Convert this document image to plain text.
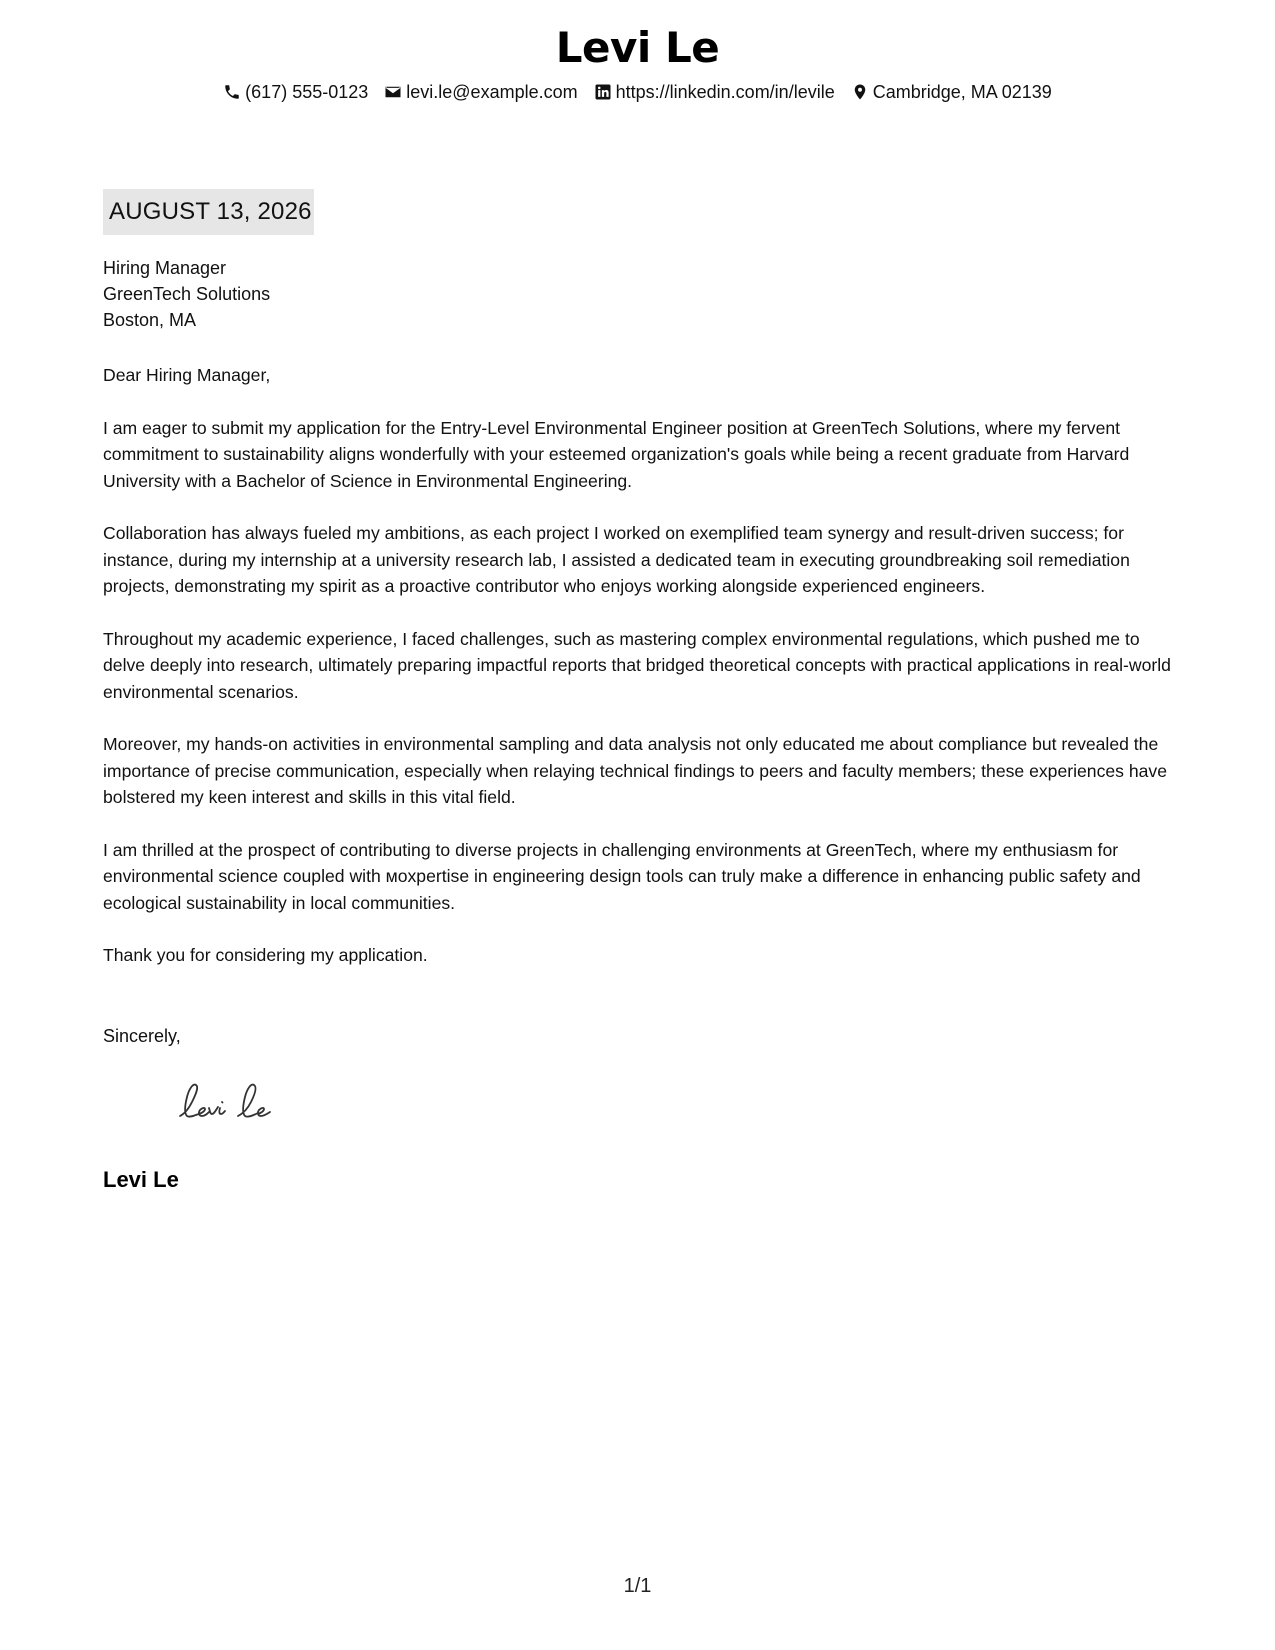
Levi Le
(617) 555-0123 levi.le@example.com https://linkedin.com/in/levile Cambridge, MA 02139
AUGUST 13, 2026
Hiring Manager
GreenTech Solutions
Boston, MA

Dear Hiring Manager,

I am eager to submit my application for the Entry-Level Environmental Engineer position at GreenTech Solutions, where my fervent commitment to sustainability aligns wonderfully with your esteemed organization's goals while being a recent graduate from Harvard University with a Bachelor of Science in Environmental Engineering.

Collaboration has always fueled my ambitions, as each project I worked on exemplified team synergy and result-driven success; for instance, during my internship at a university research lab, I assisted a dedicated team in executing groundbreaking soil remediation projects, demonstrating my spirit as a proactive contributor who enjoys working alongside experienced engineers.

Throughout my academic experience, I faced challenges, such as mastering complex environmental regulations, which pushed me to delve deeply into research, ultimately preparing impactful reports that bridged theoretical concepts with practical applications in real-world environmental scenarios.

Moreover, my hands-on activities in environmental sampling and data analysis not only educated me about compliance but revealed the importance of precise communication, especially when relaying technical findings to peers and faculty members; these experiences have bolstered my keen interest and skills in this vital field.

I am thrilled at the prospect of contributing to diverse projects in challenging environments at GreenTech, where my enthusiasm for environmental science coupled with мoxpertise in engineering design tools can truly make a difference in enhancing public safety and ecological sustainability in local communities.

Thank you for considering my application.

Sincerely,
Levi Le
1/1
